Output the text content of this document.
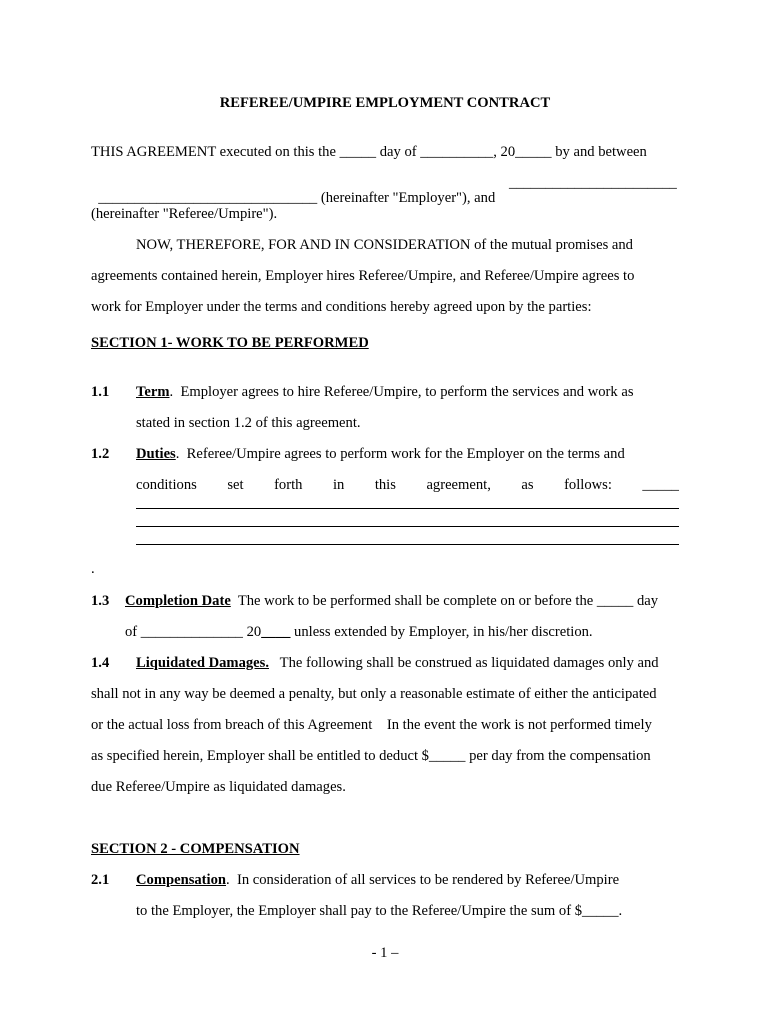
REFEREE/UMPIRE EMPLOYMENT CONTRACT
THIS AGREEMENT executed on this the _____ day of __________, 20_____ by and between

______________________________ (hereinafter "Employer"), and

_______________________
(hereinafter "Referee/Umpire").
NOW, THEREFORE, FOR AND IN CONSIDERATION of the mutual promises and
agreements contained herein, Employer hires Referee/Umpire, and Referee/Umpire agrees to
work for Employer under the terms and conditions hereby agreed upon by the parties:
SECTION 1- WORK TO BE PERFORMED
1.1 Term.  Employer agrees to hire Referee/Umpire, to perform the services and work as
stated in section 1.2 of this agreement.
1.2 Duties.  Referee/Umpire agrees to perform work for the Employer on the terms and
conditions set forth in this agreement, as follows: _____
.
1.3 Completion Date  The work to be performed shall be complete on or before the _____ day
of ______________ 20____ unless extended by Employer, in his/her discretion.
1.4 Liquidated Damages.   The following shall be construed as liquidated damages only and
shall not in any way be deemed a penalty, but only a reasonable estimate of either the anticipated
or the actual loss from breach of this Agreement    In the event the work is not performed timely
as specified herein, Employer shall be entitled to deduct $_____ per day from the compensation
due Referee/Umpire as liquidated damages.
SECTION 2 - COMPENSATION
2.1 Compensation.  In consideration of all services to be rendered by Referee/Umpire
to the Employer, the Employer shall pay to the Referee/Umpire the sum of $_____.
- 1 –
